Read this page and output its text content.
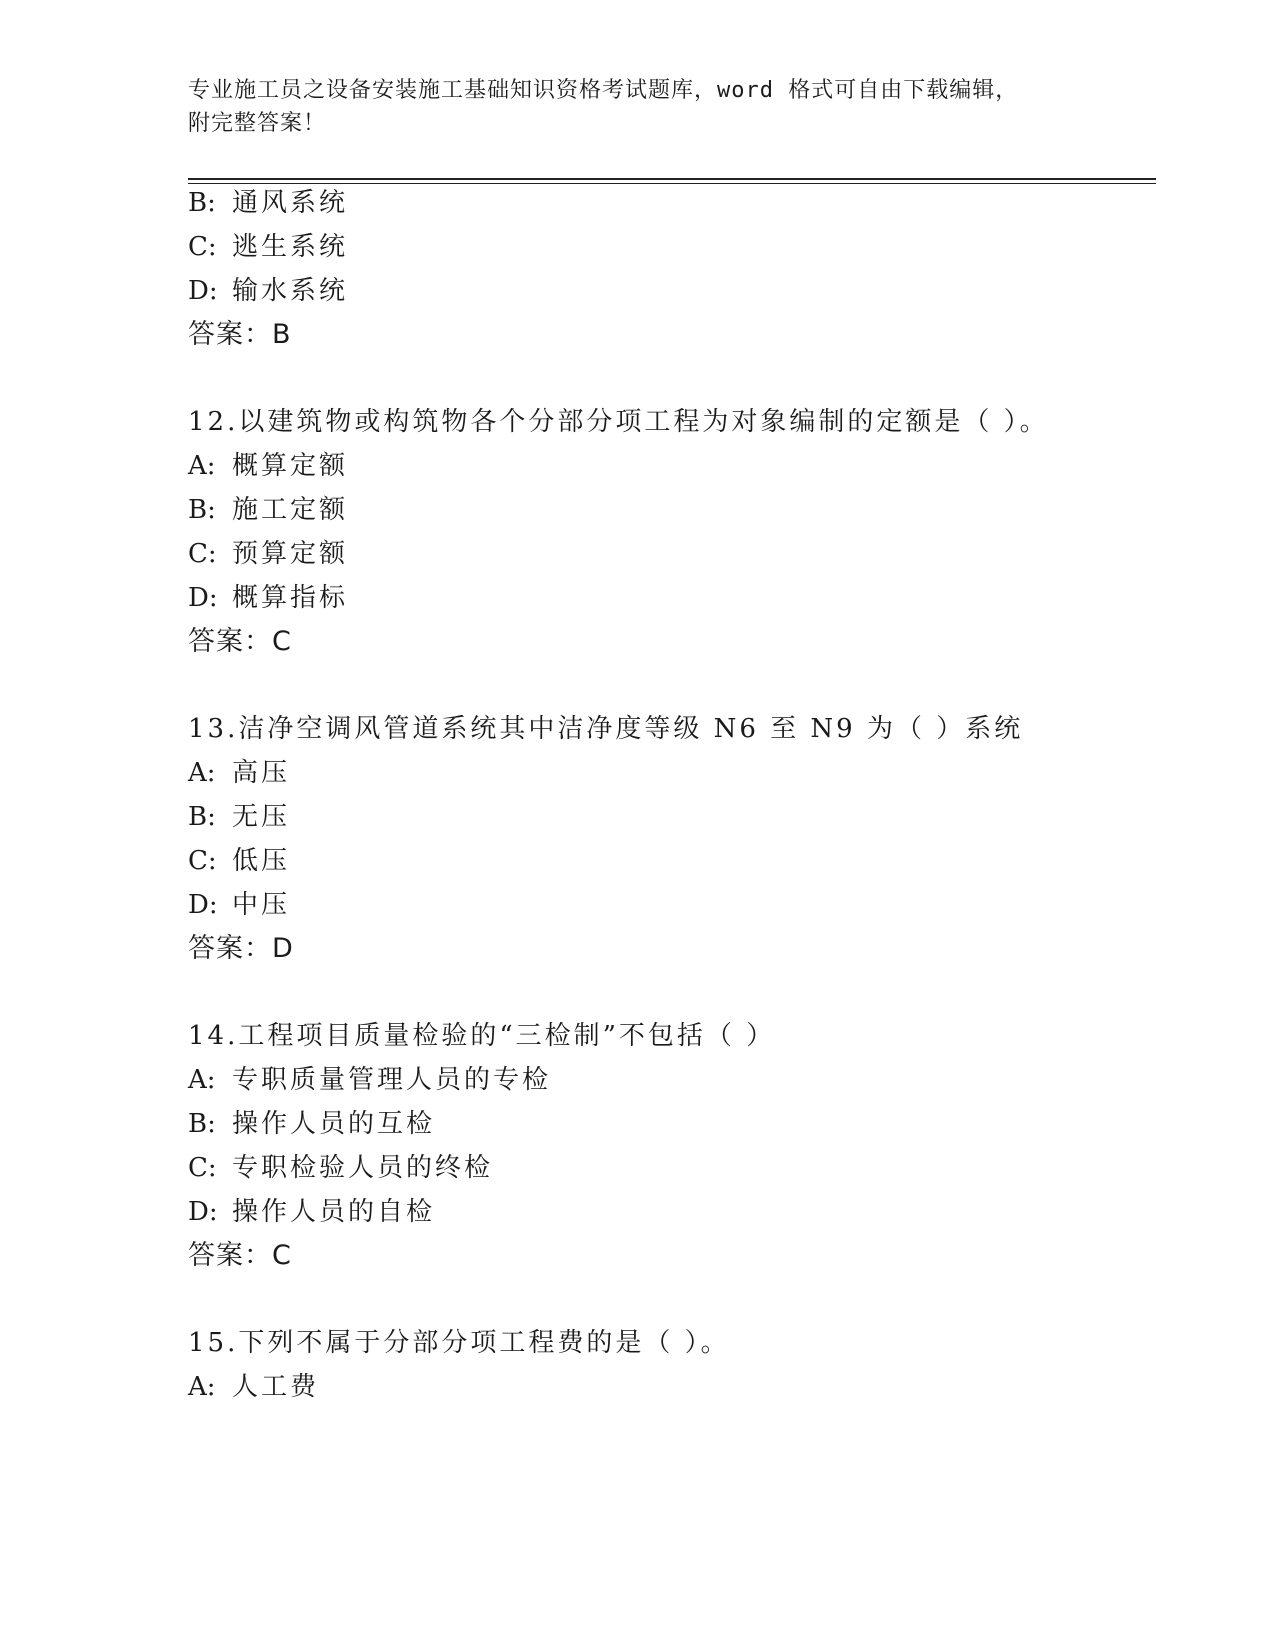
专业施工员之设备安装施工基础知识资格考试题库，word 格式可自由下载编辑，
附完整答案！
B: 通风系统
C: 逃生系统
D: 输水系统
答案：B
12.以建筑物或构筑物各个分部分项工程为对象编制的定额是（ ）。
A: 概算定额
B: 施工定额
C: 预算定额
D: 概算指标
答案：C
13.洁净空调风管道系统其中洁净度等级 N6 至 N9 为（ ）系统
A: 高压
B: 无压
C: 低压
D: 中压
答案：D
14.工程项目质量检验的“三检制”不包括（ ）
A: 专职质量管理人员的专检
B: 操作人员的互检
C: 专职检验人员的终检
D: 操作人员的自检
答案：C
15.下列不属于分部分项工程费的是（ ）。
A: 人工费
